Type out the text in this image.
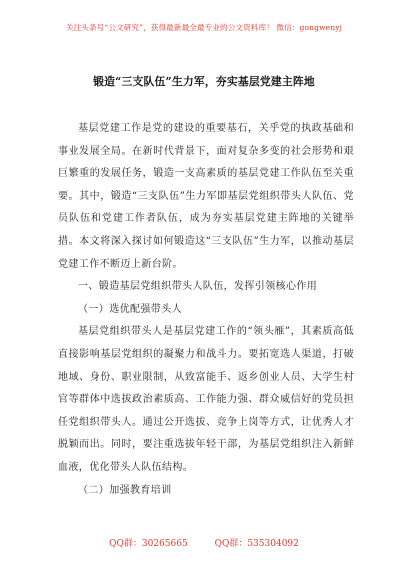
关注头条号“公文研究”，获得最新最全最专业的公文资料库！ 微信：gongwenyj
锻造“三支队伍”生力军，夯实基层党建主阵地

基层党建工作是党的建设的重要基石，关乎党的执政基础和事业发展全局。在新时代背景下，面对复杂多变的社会形势和艰巨繁重的发展任务，锻造一支高素质的基层党建工作队伍至关重要。其中，锻造“三支队伍”生力军即基层党组织带头人队伍、党员队伍和党建工作者队伍，成为夯实基层党建主阵地的关键举措。本文将深入探讨如何锻造这“三支队伍”生力军，以推动基层党建工作不断迈上新台阶。

一、锻造基层党组织带头人队伍，发挥引领核心作用

（一）选优配强带头人

基层党组织带头人是基层党建工作的“领头雁”，其素质高低直接影响基层党组织的凝聚力和战斗力。要拓宽选人渠道，打破地域、身份、职业限制，从致富能手、返乡创业人员、大学生村官等群体中选拔政治素质高、工作能力强、群众威信好的党员担任党组织带头人。通过公开选拔、竞争上岗等方式，让优秀人才脱颖而出。同时，要注重选拔年轻干部，为基层党组织注入新鲜血液，优化带头人队伍结构。

（二）加强教育培训

QQ群：30265665	QQ群：535304092
